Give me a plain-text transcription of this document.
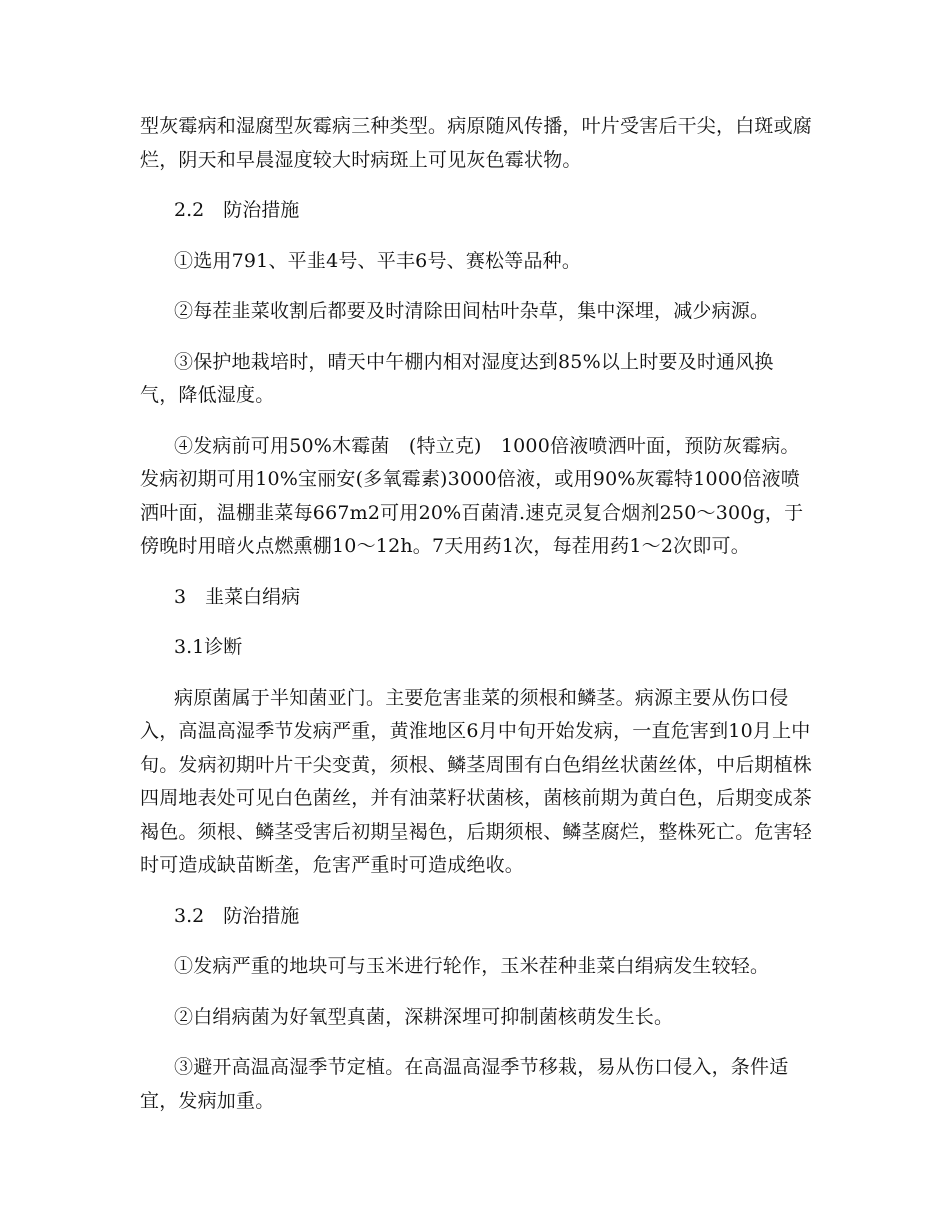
型灰霉病和湿腐型灰霉病三种类型。病原随风传播，叶片受害后干尖，白斑或腐烂，阴天和早晨湿度较大时病斑上可见灰色霉状物。

2.2　防治措施

①选用791、平韭4号、平丰6号、赛松等品种。

②每茬韭菜收割后都要及时清除田间枯叶杂草，集中深埋，减少病源。

③保护地栽培时，晴天中午棚内相对湿度达到85%以上时要及时通风换气，降低湿度。

④发病前可用50%木霉菌　(特立克)　1000倍液喷洒叶面，预防灰霉病。发病初期可用10%宝丽安(多氧霉素)3000倍液，或用90%灰霉特1000倍液喷洒叶面，温棚韭菜每667m2可用20%百菌清.速克灵复合烟剂250～300g，于傍晚时用暗火点燃熏棚10～12h。7天用药1次，每茬用药1～2次即可。

3　韭菜白绢病

3.1诊断

病原菌属于半知菌亚门。主要危害韭菜的须根和鳞茎。病源主要从伤口侵入，高温高湿季节发病严重，黄淮地区6月中旬开始发病，一直危害到10月上中旬。发病初期叶片干尖变黄，须根、鳞茎周围有白色绢丝状菌丝体，中后期植株四周地表处可见白色菌丝，并有油菜籽状菌核，菌核前期为黄白色，后期变成茶褐色。须根、鳞茎受害后初期呈褐色，后期须根、鳞茎腐烂，整株死亡。危害轻时可造成缺苗断垄，危害严重时可造成绝收。

3.2　防治措施

①发病严重的地块可与玉米进行轮作，玉米茬种韭菜白绢病发生较轻。

②白绢病菌为好氧型真菌，深耕深埋可抑制菌核萌发生长。

③避开高温高湿季节定植。在高温高湿季节移栽，易从伤口侵入，条件适宜，发病加重。
